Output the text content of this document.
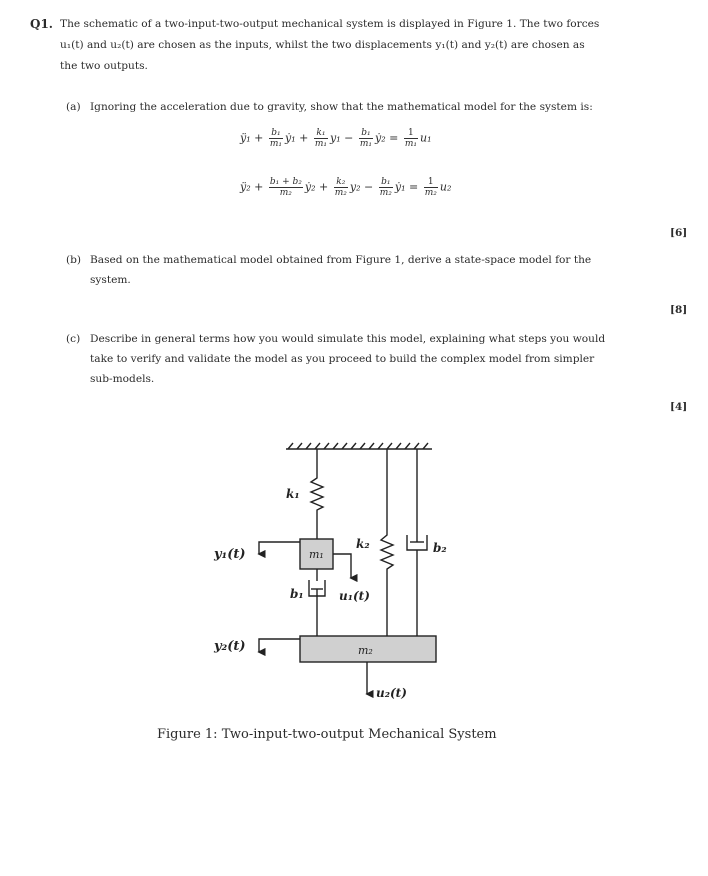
Q1. The schematic of a two-input-two-output mechanical system is displayed in Figure 1. The two forces
u₁(t) and u₂(t) are chosen as the inputs, whilst the two displacements y₁(t) and y₂(t) are chosen as
the two outputs.
(a) Ignoring the acceleration due to gravity, show that the mathematical model for the system is:
ÿ₁ + $\frac{\text{b₁}}{\text{m₁}}$ ẏ₁ + $\frac{\text{k₁}}{\text{m₁}} y_1 - \frac{\text{b₁}}{\text{m₁}}$ ẏ₂ = $\frac{1}{\text{m₁}} u_1$
ÿ₂ + $\frac{\text{b₁ + b₂}}{\text{m₂}}$ ẏ₂ + $\frac{\text{k₂}}{\text{m₂}} y_2 - \frac{\text{b₁}}{\text{m₂}}$ ẏ₁ = $\frac{1}{\text{m₂}} u_2$
[6]
(b) Based on the mathematical model obtained from Figure 1, derive a state-space model for the
system.
[8]
(c) Describe in general terms how you would simulate this model, explaining what steps you would
take to verify and validate the model as you proceed to build the complex model from simpler
sub-models.
[4]
k₁
k₂
b₁
b₂
u₁(t)
u₂(t)
y₁(t)
y₂(t)
m₁
m₂
Figure 1: Two-input-two-output Mechanical System
